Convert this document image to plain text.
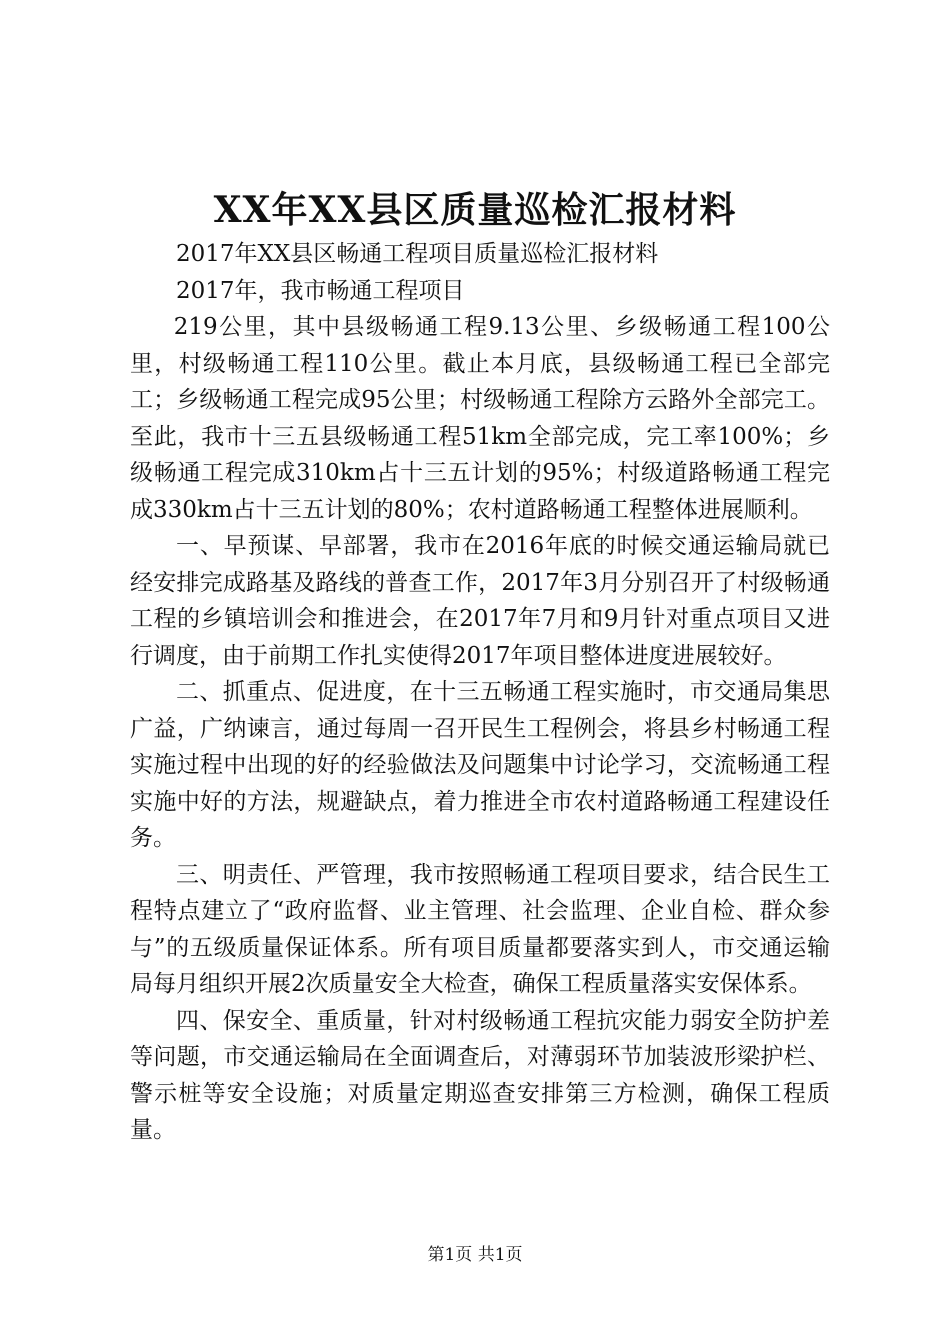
XX年XX县区质量巡检汇报材料

2017年XX县区畅通工程项目质量巡检汇报材料

2017年，我市畅通工程项目

219公里，其中县级畅通工程9.13公里、乡级畅通工程100公里，村级畅通工程110公里。截止本月底，县级畅通工程已全部完工；乡级畅通工程完成95公里；村级畅通工程除方云路外全部完工。至此，我市十三五县级畅通工程51km全部完成，完工率100%；乡级畅通工程完成310km占十三五计划的95%；村级道路畅通工程完成330km占十三五计划的80%；农村道路畅通工程整体进展顺利。

一、早预谋、早部署，我市在2016年底的时候交通运输局就已经安排完成路基及路线的普查工作，2017年3月分别召开了村级畅通工程的乡镇培训会和推进会，在2017年7月和9月针对重点项目又进行调度，由于前期工作扎实使得2017年项目整体进度进展较好。

二、抓重点、促进度，在十三五畅通工程实施时，市交通局集思广益，广纳谏言，通过每周一召开民生工程例会，将县乡村畅通工程实施过程中出现的好的经验做法及问题集中讨论学习，交流畅通工程实施中好的方法，规避缺点，着力推进全市农村道路畅通工程建设任务。

三、明责任、严管理，我市按照畅通工程项目要求，结合民生工程特点建立了“政府监督、业主管理、社会监理、企业自检、群众参与”的五级质量保证体系。所有项目质量都要落实到人，市交通运输局每月组织开展2次质量安全大检查，确保工程质量落实安保体系。

四、保安全、重质量，针对村级畅通工程抗灾能力弱安全防护差等问题，市交通运输局在全面调查后，对薄弱环节加装波形梁护栏、警示桩等安全设施；对质量定期巡查安排第三方检测，确保工程质量。

第1页 共1页
